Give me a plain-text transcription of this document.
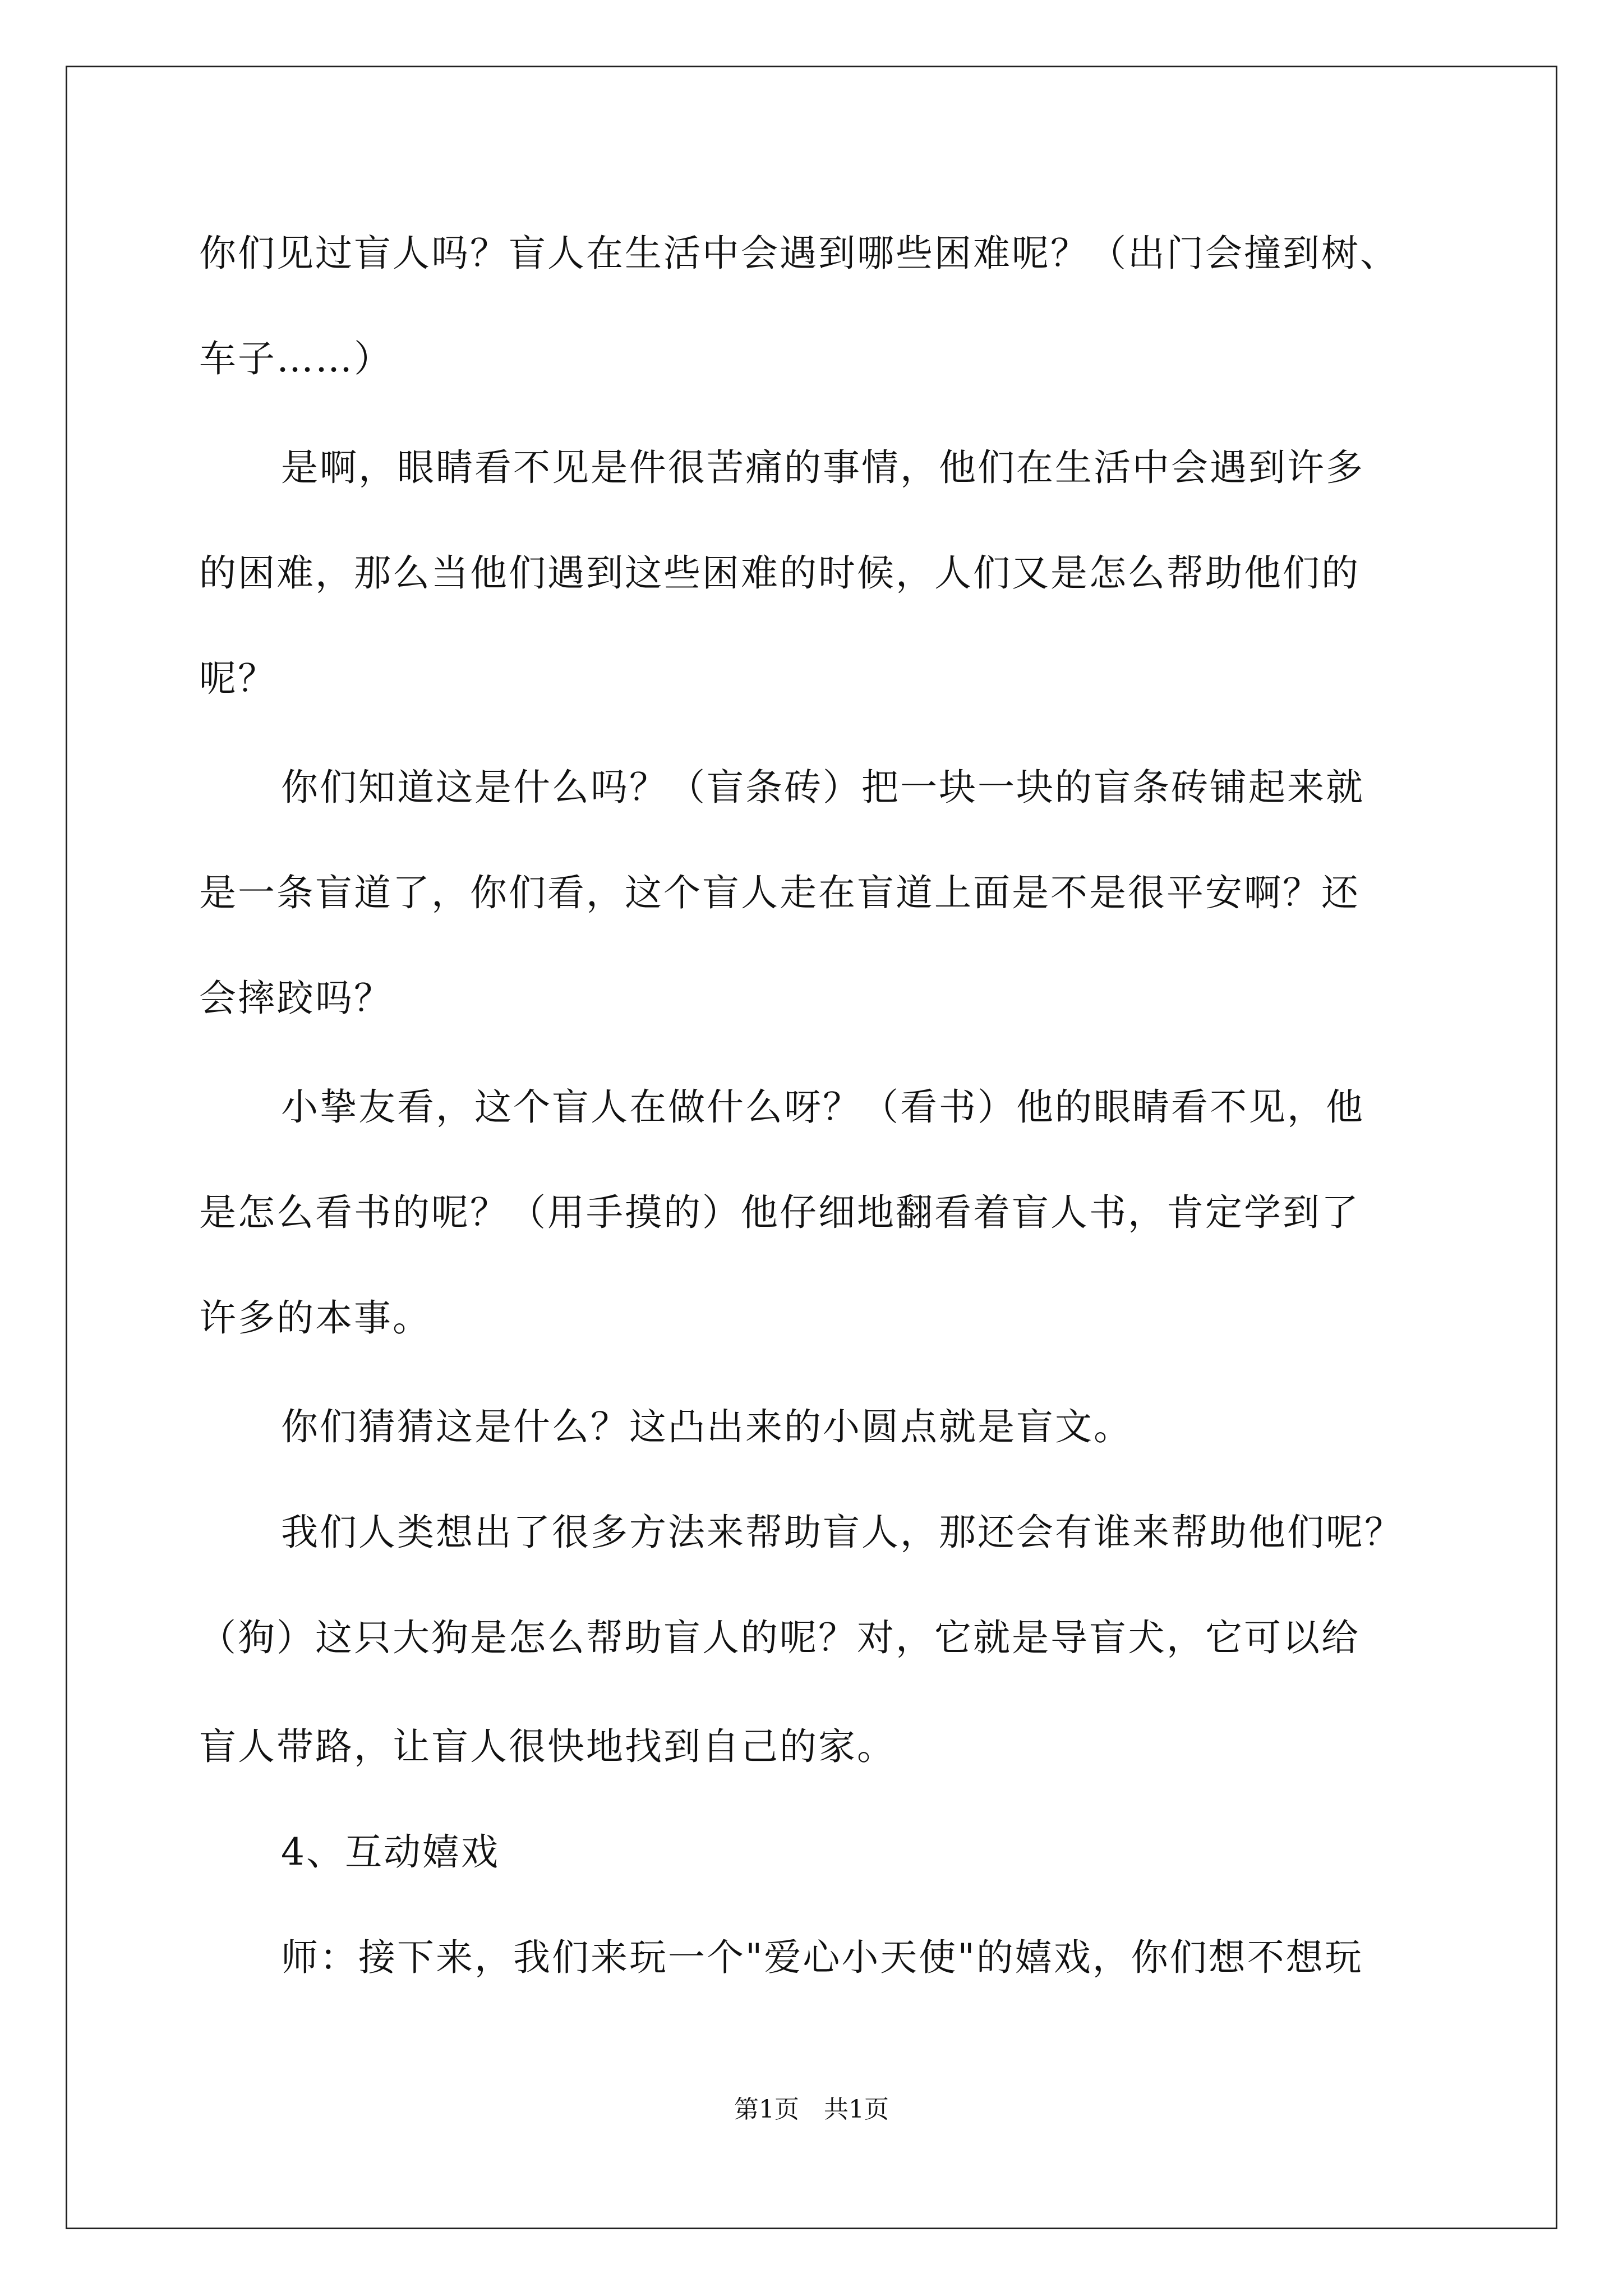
你们见过盲人吗？盲人在生活中会遇到哪些困难呢？（出门会撞到树、
车子……）
是啊，眼睛看不见是件很苦痛的事情，他们在生活中会遇到许多
的困难，那么当他们遇到这些困难的时候，人们又是怎么帮助他们的
呢？
你们知道这是什么吗？（盲条砖）把一块一块的盲条砖铺起来就
是一条盲道了，你们看，这个盲人走在盲道上面是不是很平安啊？还
会摔跤吗？
小挚友看，这个盲人在做什么呀？（看书）他的眼睛看不见，他
是怎么看书的呢？（用手摸的）他仔细地翻看着盲人书，肯定学到了
许多的本事。
你们猜猜这是什么？这凸出来的小圆点就是盲文。
我们人类想出了很多方法来帮助盲人，那还会有谁来帮助他们呢？
（狗）这只大狗是怎么帮助盲人的呢？对，它就是导盲犬，它可以给
盲人带路，让盲人很快地找到自己的家。
4、互动嬉戏
师：接下来，我们来玩一个"爱心小天使"的嬉戏，你们想不想玩
第1页　共1页
